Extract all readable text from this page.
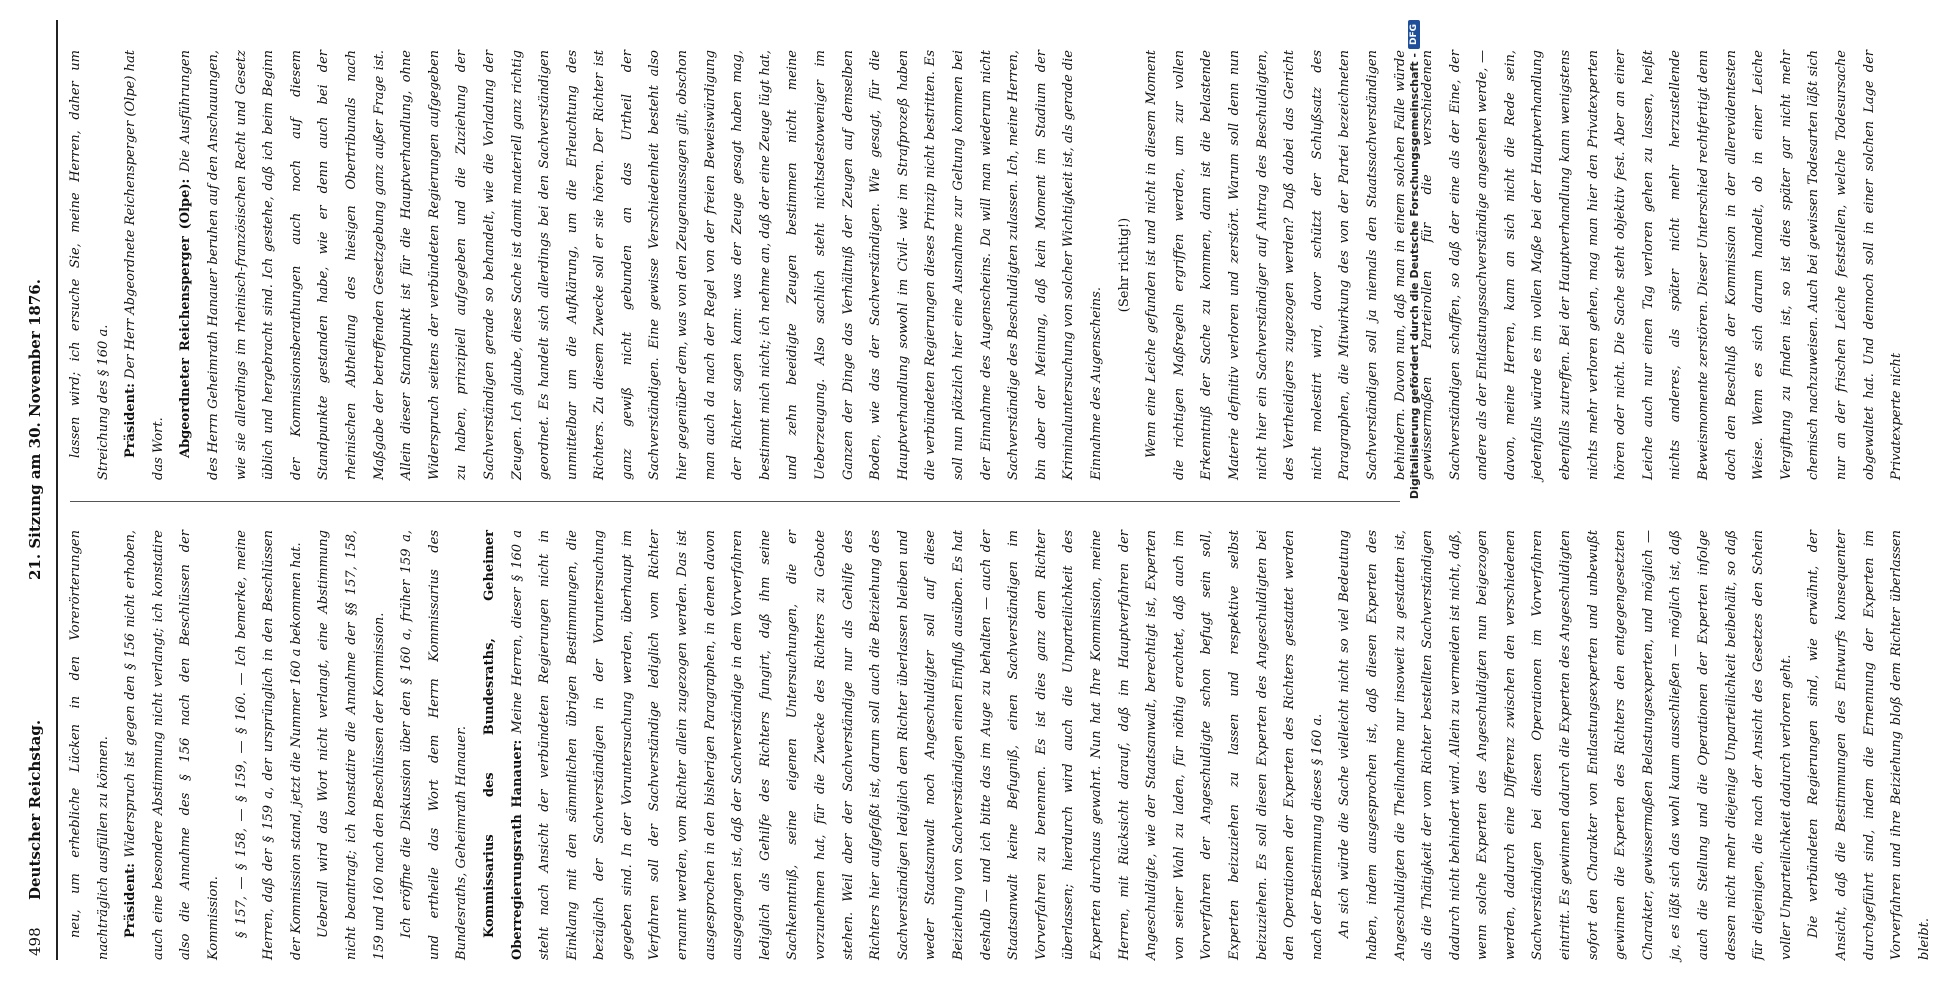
498
Deutscher Reichstag.
21. Sitzung am 30. November 1876.

neu, um erhebliche Lücken in den Vorerörterungen nachträglich ausfüllen zu können. Präsident: Widerspruch ist gegen den § 156 nicht erhoben, auch eine besondere Abstimmung nicht verlangt; ich konstatire also die Annahme des § 156 nach den Beschlüssen der Kommission. § 157, — § 158, — § 159, — § 160. — Ich bemerke, meine Herren, daß der § 159 a, der ursprünglich in den Beschlüssen der Kommission stand, jetzt die Nummer 160 a bekommen hat. Ueberall wird das Wort nicht verlangt, eine Abstimmung nicht beantragt; ich konstatire die Annahme der §§ 157, 158, 159 und 160 nach den Beschlüssen der Kommission. Ich eröffne die Diskussion über den § 160 a, früher 159 a, und ertheile das Wort dem Herrn Kommissarius des Bundesraths, Geheimrath Hanauer. Kommissarius des Bundesraths, Geheimer Oberregierungsrath Hanauer: Meine Herren, dieser § 160 a steht nach Ansicht der verbündeten Regierungen nicht in Einklang mit den sämmtlichen übrigen Bestimmungen, die bezüglich der Sachverständigen in der Voruntersuchung gegeben sind. In der Voruntersuchung werden, überhaupt im Verfahren soll der Sachverständige lediglich vom Richter ernannt werden, vom Richter allein zugezogen werden. Das ist ausgesprochen in den bisherigen Paragraphen, in denen davon ausgegangen ist, daß der Sachverständige in dem Vorverfahren lediglich als Gehilfe des Richters fungirt, daß ihm seine Sachkenntniß, seine eigenen Untersuchungen, die er vorzunehmen hat, für die Zwecke des Richters zu Gebote stehen. Weil aber der Sachverständige nur als Gehilfe des Richters hier aufgefaßt ist, darum soll auch die Beiziehung des Sachverständigen lediglich dem Richter überlassen bleiben und weder Staatsanwalt noch Angeschuldigter soll auf diese Beiziehung von Sachverständigen einen Einfluß ausüben. Es hat deshalb — und ich bitte das im Auge zu behalten — auch der Staatsanwalt keine Befugniß, einen Sachverständigen im Vorverfahren zu benennen. Es ist dies ganz dem Richter überlassen; hierdurch wird auch die Unparteilichkeit des Experten durchaus gewahrt. Nun hat Ihre Kommission, meine Herren, mit Rücksicht darauf, daß im Hauptverfahren der Angeschuldigte, wie der Staatsanwalt, berechtigt ist, Experten von seiner Wahl zu laden, für nöthig erachtet, daß auch im Vorverfahren der Angeschuldigte schon befugt sein soll, Experten beizuziehen zu lassen und respektive selbst beizuziehen. Es soll diesen Experten des Angeschuldigten bei den Operationen der Experten des Richters gestattet werden nach der Bestimmung dieses § 160 a. An sich würde die Sache vielleicht nicht so viel Bedeutung haben, indem ausgesprochen ist, daß diesen Experten des Angeschuldigten die Theilnahme nur insoweit zu gestatten ist, als die Thätigkeit der vom Richter bestellten Sachverständigen dadurch nicht behindert wird. Allein zu vermeiden ist nicht, daß, wenn solche Experten des Angeschuldigten nun beigezogen werden, dadurch eine Differenz zwischen den verschiedenen Sachverständigen bei diesen Operationen im Vorverfahren eintritt. Es gewinnen dadurch die Experten des Angeschuldigten sofort den Charakter von Entlastungsexperten und unbewußt gewinnen die Experten des Richters den entgegengesetzten Charakter, gewissermaßen Belastungsexperten, und möglich — ja, es läßt sich das wohl kaum ausschließen — möglich ist, daß auch die Stellung und die Operationen der Experten infolge dessen nicht mehr diejenige Unparteilichkeit beibehält, so daß für diejenigen, die nach der Ansicht des Gesetzes den Schein voller Unparteilichkeit dadurch verloren geht. Die verbündeten Regierungen sind, wie erwähnt, der Ansicht, daß die Bestimmungen des Entwurfs konsequenter durchgeführt sind, indem die Ernennung der Experten im Vorverfahren und ihre Beiziehung bloß dem Richter überlassen bleibt.

lassen wird; ich ersuche Sie, meine Herren, daher um Streichung des § 160 a. Präsident: Der Herr Abgeordnete Reichensperger (Olpe) hat das Wort. Abgeordneter Reichensperger (Olpe): Die Ausführungen des Herrn Geheimrath Hanauer beruhen auf den Anschauungen, wie sie allerdings im rheinisch-französischen Recht und Gesetz üblich und hergebracht sind. Ich gestehe, daß ich beim Beginn der Kommissionsberathungen auch noch auf diesem Standpunkte gestanden habe, wie er denn auch bei der rheinischen Abtheilung des hiesigen Obertribunals nach Maßgabe der betreffenden Gesetzgebung ganz außer Frage ist. Allein dieser Standpunkt ist für die Hauptverhandlung, ohne Widerspruch seitens der verbündeten Regierungen aufgegeben zu haben, prinzipiell aufgegeben und die Zuziehung der Sachverständigen gerade so behandelt, wie die Vorladung der Zeugen. Ich glaube, diese Sache ist damit materiell ganz richtig geordnet. Es handelt sich allerdings bei den Sachverständigen unmittelbar um die Aufklärung, um die Erleuchtung des Richters. Zu diesem Zwecke soll er sie hören. Der Richter ist ganz gewiß nicht gebunden an das Urtheil der Sachverständigen. Eine gewisse Verschiedenheit besteht also hier gegenüber dem, was von den Zeugenaussagen gilt, obschon man auch da nach der Regel von der freien Beweiswürdigung der Richter sagen kann: was der Zeuge gesagt haben mag, bestimmt mich nicht; ich nehme an, daß der eine Zeuge lügt hat, und zehn beeidigte Zeugen bestimmen nicht meine Ueberzeugung. Also sachlich steht nichtsdestoweniger im Ganzen der Dinge das Verhältniß der Zeugen auf demselben Boden, wie das der Sachverständigen. Wie gesagt, für die Hauptverhandlung sowohl im Civil- wie im Strafprozeß haben die verbündeten Regierungen dieses Prinzip nicht bestritten. Es soll nun plötzlich hier eine Ausnahme zur Geltung kommen bei der Einnahme des Augenscheins. Da will man wiederum nicht Sachverständige des Beschuldigten zulassen. Ich, meine Herren, bin aber der Meinung, daß kein Moment im Stadium der Kriminaluntersuchung von solcher Wichtigkeit ist, als gerade die Einnahme des Augenscheins.

(Sehr richtig!) Wenn eine Leiche gefunden ist und nicht in diesem Moment die richtigen Maßregeln ergriffen werden, um zur vollen Erkenntniß der Sache zu kommen, dann ist die belastende Materie definitiv verloren und zerstört. Warum soll denn nun nicht hier ein Sachverständiger auf Antrag des Beschuldigten, des Vertheidigers zugezogen werden? Daß dabei das Gericht nicht molestirt wird, davor schützt der Schlußsatz des Paragraphen, die Mitwirkung des von der Partei bezeichneten Sachverständigen soll ja niemals den Staatssachverständigen behindern. Davon nun, daß man in einem solchen Falle würde gewissermaßen Parteirollen für die verschiedenen Sachverständigen schaffen, so daß der eine als der Eine, der andere als der Entlastungssachverständige angesehen werde, — davon, meine Herren, kann an sich nicht die Rede sein, jedenfalls würde es im vollen Maße bei der Hauptverhandlung ebenfalls zutreffen. Bei der Hauptverhandlung kann wenigstens nichts mehr verloren gehen, mag man hier den Privatexperten hören oder nicht. Die Sache steht objektiv fest. Aber an einer Leiche auch nur einen Tag verloren gehen zu lassen, heißt nichts anderes, als später nicht mehr herzustellende Beweismomente zerstören. Dieser Unterschied rechtfertigt denn doch den Beschluß der Kommission in der allerevidentesten Weise. Wenn es sich darum handelt, ob in einer Leiche Vergiftung zu finden ist, so ist dies später gar nicht mehr chemisch nachzuweisen. Auch bei gewissen Todesarten läßt sich nur an der frischen Leiche feststellen, welche Todesursache obgewaltet hat. Und dennoch soll in einer solchen Lage der Privatexperte nicht

Digitalisierung gefördert durch die Deutsche Forschungsgemeinschaft -
DFG
